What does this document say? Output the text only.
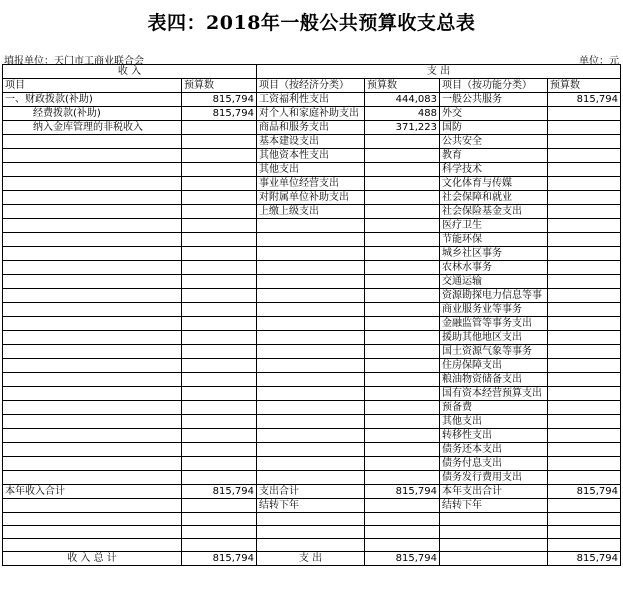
表四：2018年一般公共预算收支总表
填报单位：天门市工商业联合会	单位：元
收 入		支 出			
项目	预算数	项目（按经济分类）	预算数	项目（按功能分类）	预算数
一、财政拨款(补助)	815,794	工资福利性支出	444,083	一般公共服务	815,794
经费拨款(补助)	815,794	对个人和家庭补助支出	488	外交	
纳入金库管理的非税收入		商品和服务支出	371,223	国防	
		基本建设支出		公共安全	
		其他资本性支出		教育	
		其他支出		科学技术	
		事业单位经营支出		文化体育与传媒	
		对附属单位补助支出		社会保障和就业	
		上缴上级支出		社会保险基金支出	
				医疗卫生	
				节能环保	
				城乡社区事务	
				农林水事务	
				交通运输	
				资源勘探电力信息等事	
				商业服务业等事务	
				金融监管等事务支出	
				援助其他地区支出	
				国土资源气象等事务	
				住房保障支出	
				粮油物资储备支出	
				国有资本经营预算支出	
				预备费	
				其他支出	
				转移性支出	
				债务还本支出	
				债务付息支出	
				债务发行费用支出	
本年收入合计	815,794	支出合计	815,794	本年支出合计	815,794
		结转下年		结转下年	

收 入 总 计	815,794	支 出	815,794		815,794
